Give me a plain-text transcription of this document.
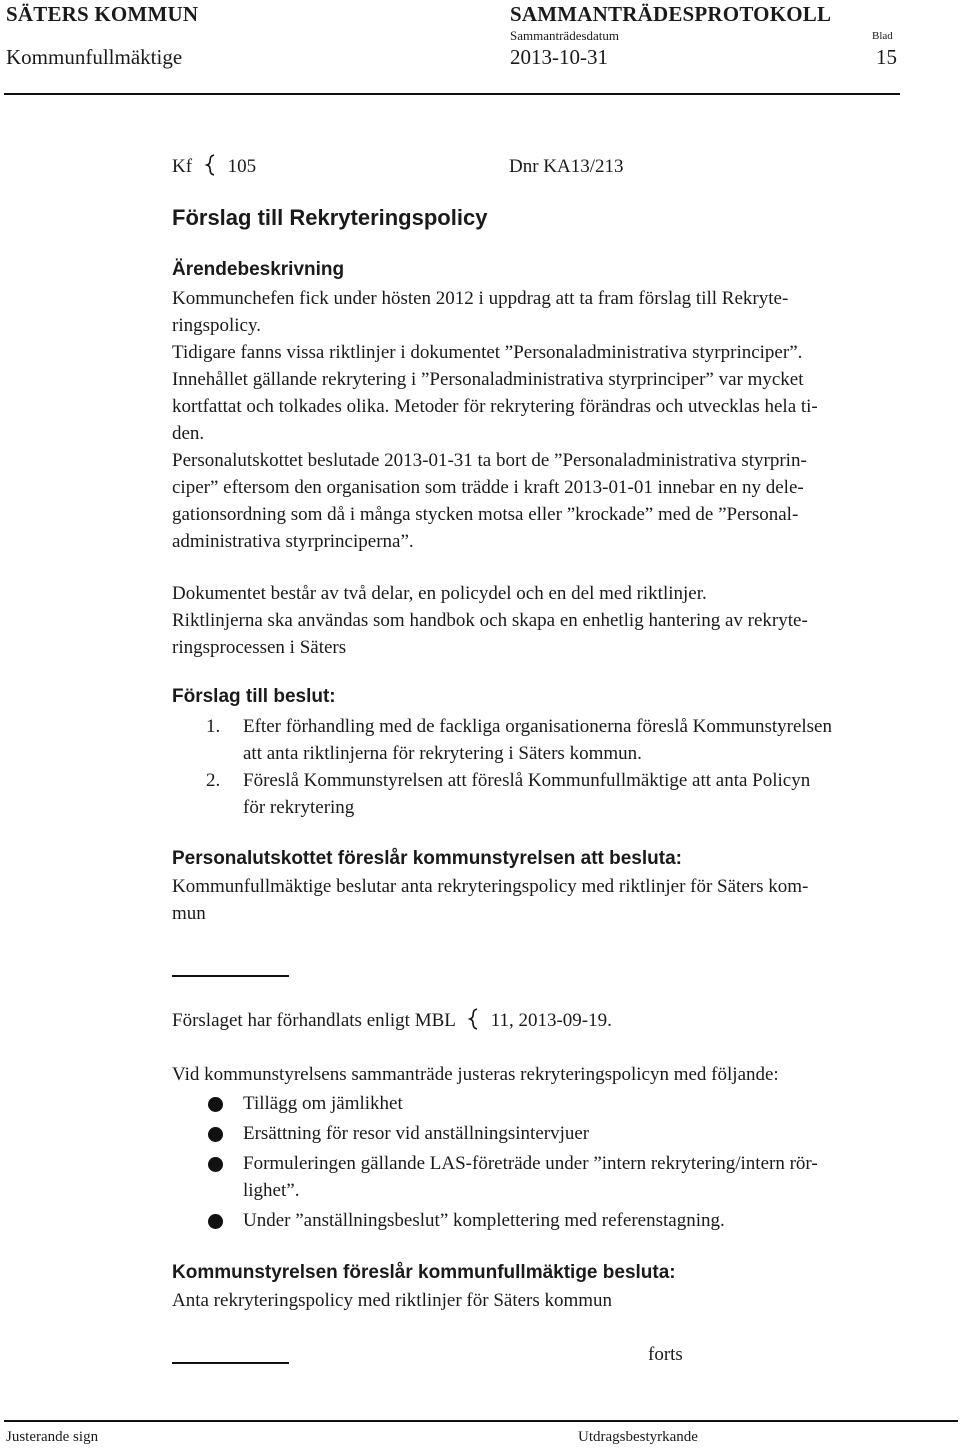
SÄTERS KOMMUN	SAMMANTRÄDESPROTOKOLL
Kommunfullmäktige
Sammanträdesdatum
2013-10-31
Blad
15
Kf 105	Dnr KA13/213
Förslag till Rekryteringspolicy
Ärendebeskrivning
Kommunchefen fick under hösten 2012 i uppdrag att ta fram förslag till Rekryte-
ringspolicy.
Tidigare fanns vissa riktlinjer i dokumentet ”Personaladministrativa styrprinciper”.
Innehållet gällande rekrytering i ”Personaladministrativa styrprinciper” var mycket
kortfattat och tolkades olika. Metoder för rekrytering förändras och utvecklas hela ti-
den.
Personalutskottet beslutade 2013-01-31 ta bort de ”Personaladministrativa styrprin-
ciper” eftersom den organisation som trädde i kraft 2013-01-01 innebar en ny dele-
gationsordning som då i många stycken motsa eller ”krockade” med de ”Personal-
administrativa styrprinciperna”.
Dokumentet består av två delar, en policydel och en del med riktlinjer.
Riktlinjerna ska användas som handbok och skapa en enhetlig hantering av rekryte-
ringsprocessen i Säters
Förslag till beslut:
1. Efter förhandling med de fackliga organisationerna föreslå Kommunstyrelsen
att anta riktlinjerna för rekrytering i Säters kommun.
2. Föreslå Kommunstyrelsen att föreslå Kommunfullmäktige att anta Policyn
för rekrytering
Personalutskottet föreslår kommunstyrelsen att besluta:
Kommunfullmäktige beslutar anta rekryteringspolicy med riktlinjer för Säters kom-
mun
Förslaget har förhandlats enligt MBL 11, 2013-09-19.
Vid kommunstyrelsens sammanträde justeras rekryteringspolicyn med följande:
Tillägg om jämlikhet
Ersättning för resor vid anställningsintervjuer
Formuleringen gällande LAS-företräde under ”intern rekrytering/intern rör-
lighet”.
Under ”anställningsbeslut” komplettering med referenstagning.
Kommunstyrelsen föreslår kommunfullmäktige besluta:
Anta rekryteringspolicy med riktlinjer för Säters kommun
forts
Justerande sign	Utdragsbestyrkande
